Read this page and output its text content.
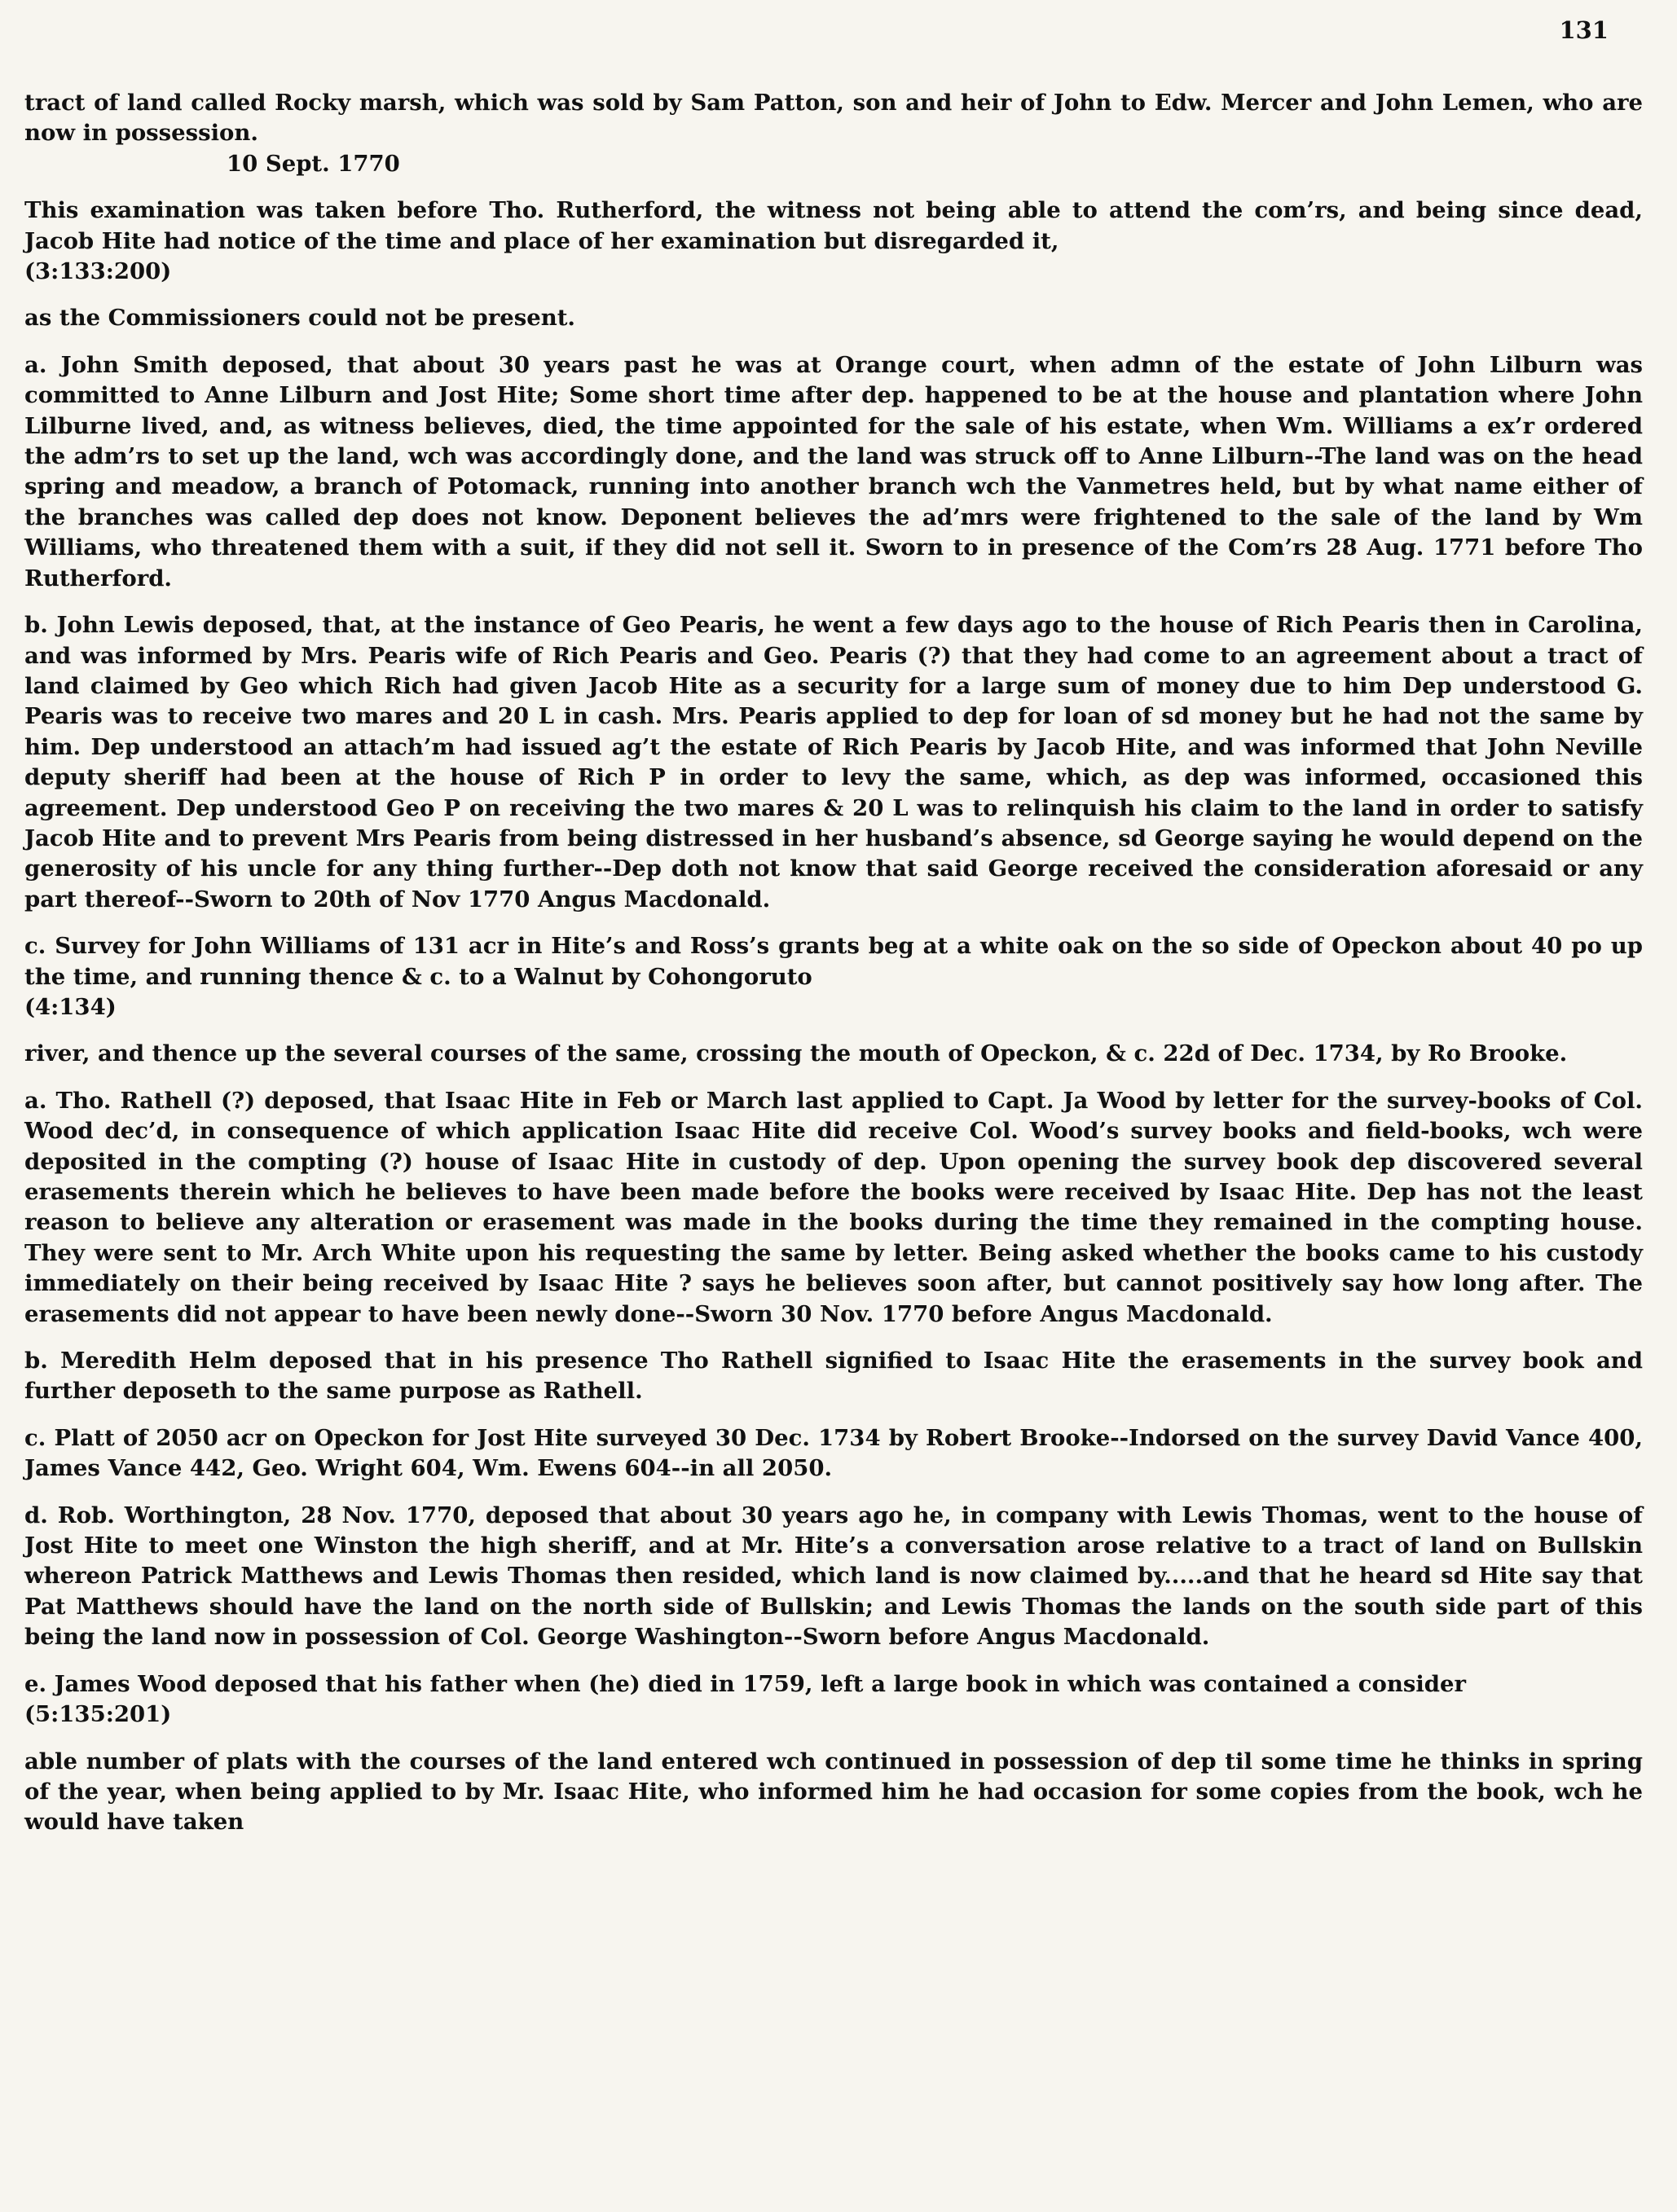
131

tract of land called Rocky marsh, which was sold by Sam Patton, son and heir of John to Edw. Mercer and John Lemen, who are now in possession.

10 Sept. 1770

This examination was taken before Tho. Rutherford, the witness not being able to attend the com’rs, and being since dead, Jacob Hite had notice of the time and place of her examination but disregarded it,

(3:133:200)

as the Commissioners could not be present.

a. John Smith deposed, that about 30 years past he was at Orange court, when admn of the estate of John Lilburn was committed to Anne Lilburn and Jost Hite; Some short time after dep. happened to be at the house and plantation where John Lilburne lived, and, as witness believes, died, the time appointed for the sale of his estate, when Wm. Williams a ex’r ordered the adm’rs to set up the land, wch was accordingly done, and the land was struck off to Anne Lilburn--The land was on the head spring and meadow, a branch of Potomack, running into another branch wch the Vanmetres held, but by what name either of the branches was called dep does not know. Deponent believes the ad’mrs were frightened to the sale of the land by Wm Williams, who threatened them with a suit, if they did not sell it. Sworn to in presence of the Com’rs 28 Aug. 1771 before Tho Rutherford.

b. John Lewis deposed, that, at the instance of Geo Pearis, he went a few days ago to the house of Rich Pearis then in Carolina, and was informed by Mrs. Pearis wife of Rich Pearis and Geo. Pearis (?) that they had come to an agreement about a tract of land claimed by Geo which Rich had given Jacob Hite as a security for a large sum of money due to him Dep understood G. Pearis was to receive two mares and 20 L in cash. Mrs. Pearis applied to dep for loan of sd money but he had not the same by him. Dep understood an attach’m had issued ag’t the estate of Rich Pearis by Jacob Hite, and was informed that John Neville deputy sheriff had been at the house of Rich P in order to levy the same, which, as dep was informed, occasioned this agreement. Dep understood Geo P on receiving the two mares & 20 L was to relinquish his claim to the land in order to satisfy Jacob Hite and to prevent Mrs Pearis from being distressed in her husband’s absence, sd George saying he would depend on the generosity of his uncle for any thing further--Dep doth not know that said George received the consideration aforesaid or any part thereof--Sworn to 20th of Nov 1770 Angus Macdonald.

c. Survey for John Williams of 131 acr in Hite’s and Ross’s grants beg at a white oak on the so side of Opeckon about 40 po up the time, and running thence & c. to a Walnut by Cohongoruto

(4:134)

river, and thence up the several courses of the same, crossing the mouth of Opeckon, & c. 22d of Dec. 1734, by Ro Brooke.

a. Tho. Rathell (?) deposed, that Isaac Hite in Feb or March last applied to Capt. Ja Wood by letter for the survey-books of Col. Wood dec’d, in consequence of which application Isaac Hite did receive Col. Wood’s survey books and field-books, wch were deposited in the compting (?) house of Isaac Hite in custody of dep. Upon opening the survey book dep discovered several erasements therein which he believes to have been made before the books were received by Isaac Hite. Dep has not the least reason to believe any alteration or erasement was made in the books during the time they remained in the compting house. They were sent to Mr. Arch White upon his requesting the same by letter. Being asked whether the books came to his custody immediately on their being received by Isaac Hite ? says he believes soon after, but cannot positively say how long after. The erasements did not appear to have been newly done--Sworn 30 Nov. 1770 before Angus Macdonald.

b. Meredith Helm deposed that in his presence Tho Rathell signified to Isaac Hite the erasements in the survey book and further deposeth to the same purpose as Rathell.

c. Platt of 2050 acr on Opeckon for Jost Hite surveyed 30 Dec. 1734 by Robert Brooke--Indorsed on the survey David Vance 400, James Vance 442, Geo. Wright 604, Wm. Ewens 604--in all 2050.

d. Rob. Worthington, 28 Nov. 1770, deposed that about 30 years ago he, in company with Lewis Thomas, went to the house of Jost Hite to meet one Winston the high sheriff, and at Mr. Hite’s a conversation arose relative to a tract of land on Bullskin whereon Patrick Matthews and Lewis Thomas then resided, which land is now claimed by.....and that he heard sd Hite say that Pat Matthews should have the land on the north side of Bullskin; and Lewis Thomas the lands on the south side part of this being the land now in possession of Col. George Washington--Sworn before Angus Macdonald.

e. James Wood deposed that his father when (he) died in 1759, left a large book in which was contained a consider

(5:135:201)

able number of plats with the courses of the land entered wch continued in possession of dep til some time he thinks in spring of the year, when being applied to by Mr. Isaac Hite, who informed him he had occasion for some copies from the book, wch he would have taken
